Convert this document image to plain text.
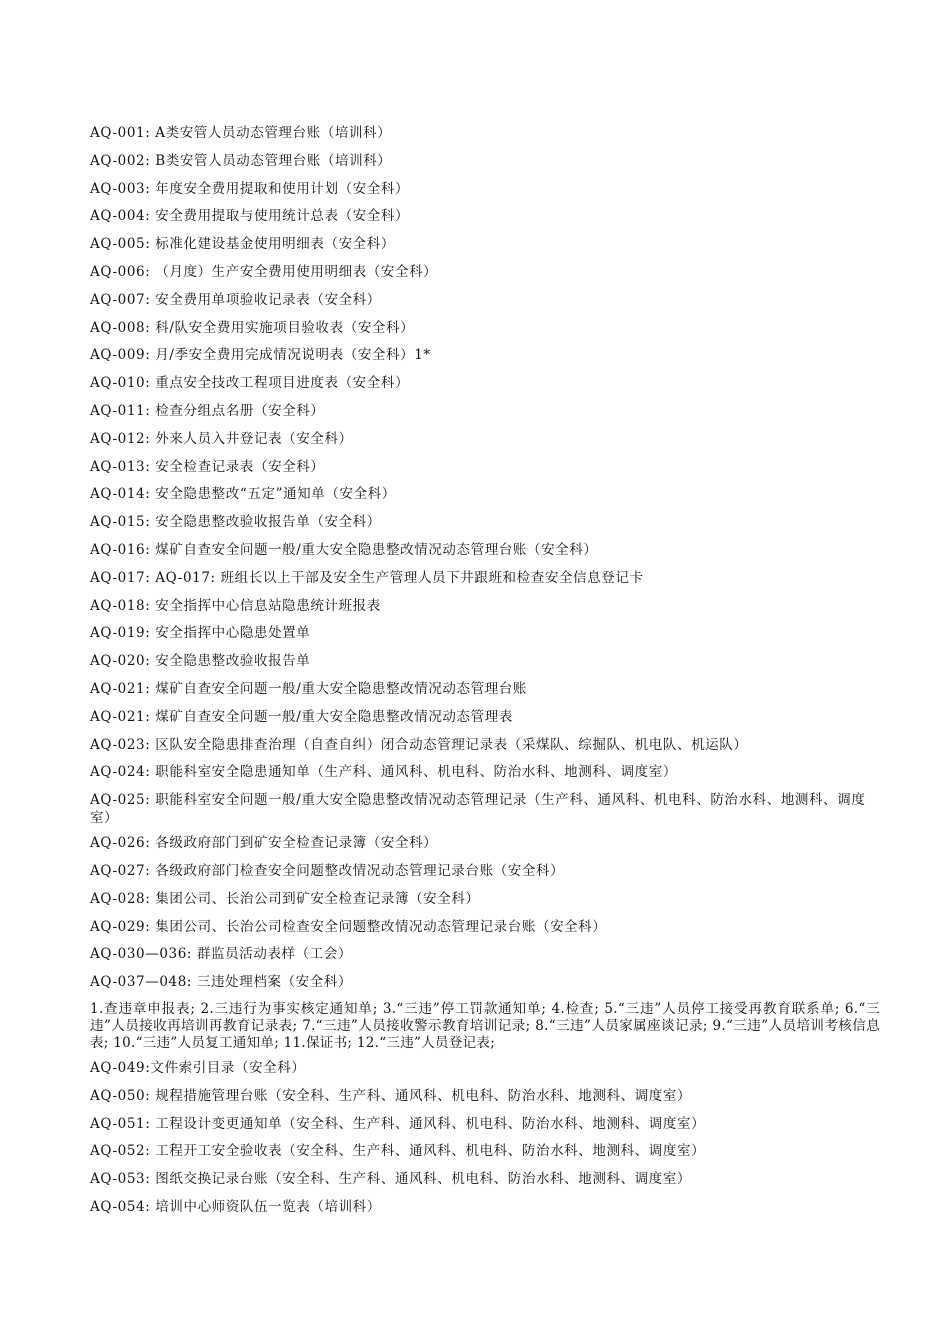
AQ-001: A类安管人员动态管理台账（培训科）
AQ-002: B类安管人员动态管理台账（培训科）
AQ-003: 年度安全费用提取和使用计划（安全科）
AQ-004: 安全费用提取与使用统计总表（安全科）
AQ-005: 标准化建设基金使用明细表（安全科）
AQ-006: （月度）生产安全费用使用明细表（安全科）
AQ-007: 安全费用单项验收记录表（安全科）
AQ-008: 科/队安全费用实施项目验收表（安全科）
AQ-009: 月/季安全费用完成情况说明表（安全科）1*
AQ-010: 重点安全技改工程项目进度表（安全科）
AQ-011: 检查分组点名册（安全科）
AQ-012: 外来人员入井登记表（安全科）
AQ-013: 安全检查记录表（安全科）
AQ-014: 安全隐患整改“五定”通知单（安全科）
AQ-015: 安全隐患整改验收报告单（安全科）
AQ-016: 煤矿自查安全问题一般/重大安全隐患整改情况动态管理台账（安全科）
AQ-017: AQ-017: 班组长以上干部及安全生产管理人员下井跟班和检查安全信息登记卡
AQ-018: 安全指挥中心信息站隐患统计班报表
AQ-019: 安全指挥中心隐患处置单
AQ-020: 安全隐患整改验收报告单
AQ-021: 煤矿自查安全问题一般/重大安全隐患整改情况动态管理台账
AQ-021: 煤矿自查安全问题一般/重大安全隐患整改情况动态管理表
AQ-023: 区队安全隐患排查治理（自查自纠）闭合动态管理记录表（采煤队、综掘队、机电队、机运队）
AQ-024: 职能科室安全隐患通知单（生产科、通风科、机电科、防治水科、地测科、调度室）
AQ-025: 职能科室安全问题一般/重大安全隐患整改情况动态管理记录（生产科、通风科、机电科、防治水科、地测科、调度室）
AQ-026: 各级政府部门到矿安全检查记录簿（安全科）
AQ-027: 各级政府部门检查安全问题整改情况动态管理记录台账（安全科）
AQ-028: 集团公司、长治公司到矿安全检查记录簿（安全科）
AQ-029: 集团公司、长治公司检查安全问题整改情况动态管理记录台账（安全科）
AQ-030—036: 群监员活动表样（工会）
AQ-037—048: 三违处理档案（安全科）
1.查违章申报表; 2.三违行为事实核定通知单; 3.“三违”停工罚款通知单; 4.检查; 5.“三违”人员停工接受再教育联系单; 6.“三违”人员接收再培训再教育记录表; 7.“三违”人员接收警示教育培训记录; 8.“三违”人员家属座谈记录; 9.“三违”人员培训考核信息表; 10.“三违”人员复工通知单; 11.保证书; 12.“三违”人员登记表;
AQ-049:文件索引目录（安全科）
AQ-050: 规程措施管理台账（安全科、生产科、通风科、机电科、防治水科、地测科、调度室）
AQ-051: 工程设计变更通知单（安全科、生产科、通风科、机电科、防治水科、地测科、调度室）
AQ-052: 工程开工安全验收表（安全科、生产科、通风科、机电科、防治水科、地测科、调度室）
AQ-053: 图纸交换记录台账（安全科、生产科、通风科、机电科、防治水科、地测科、调度室）
AQ-054: 培训中心师资队伍一览表（培训科）
